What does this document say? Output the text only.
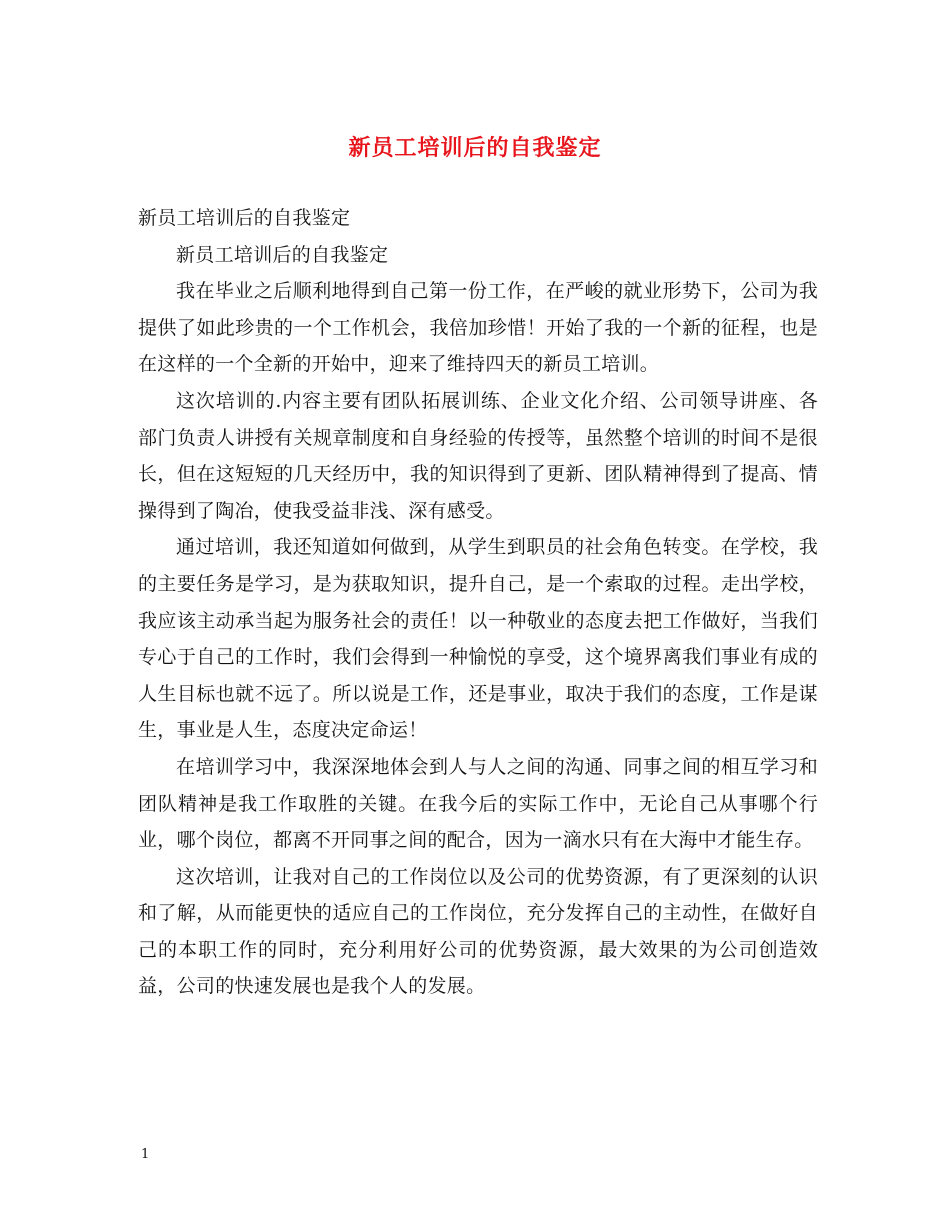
新员工培训后的自我鉴定

新员工培训后的自我鉴定

新员工培训后的自我鉴定

我在毕业之后顺利地得到自己第一份工作，在严峻的就业形势下，公司为我提供了如此珍贵的一个工作机会，我倍加珍惜！开始了我的一个新的征程，也是在这样的一个全新的开始中，迎来了维持四天的新员工培训。

这次培训的.内容主要有团队拓展训练、企业文化介绍、公司领导讲座、各部门负责人讲授有关规章制度和自身经验的传授等，虽然整个培训的时间不是很长，但在这短短的几天经历中，我的知识得到了更新、团队精神得到了提高、情操得到了陶冶，使我受益非浅、深有感受。

通过培训，我还知道如何做到，从学生到职员的社会角色转变。在学校，我的主要任务是学习，是为获取知识，提升自己，是一个索取的过程。走出学校，我应该主动承当起为服务社会的责任！以一种敬业的态度去把工作做好，当我们专心于自己的工作时，我们会得到一种愉悦的享受，这个境界离我们事业有成的人生目标也就不远了。所以说是工作，还是事业，取决于我们的态度，工作是谋生，事业是人生，态度决定命运！

在培训学习中，我深深地体会到人与人之间的沟通、同事之间的相互学习和团队精神是我工作取胜的关键。在我今后的实际工作中，无论自己从事哪个行业，哪个岗位，都离不开同事之间的配合，因为一滴水只有在大海中才能生存。

这次培训，让我对自己的工作岗位以及公司的优势资源，有了更深刻的认识和了解，从而能更快的适应自己的工作岗位，充分发挥自己的主动性，在做好自己的本职工作的同时，充分利用好公司的优势资源，最大效果的为公司创造效益，公司的快速发展也是我个人的发展。

1
